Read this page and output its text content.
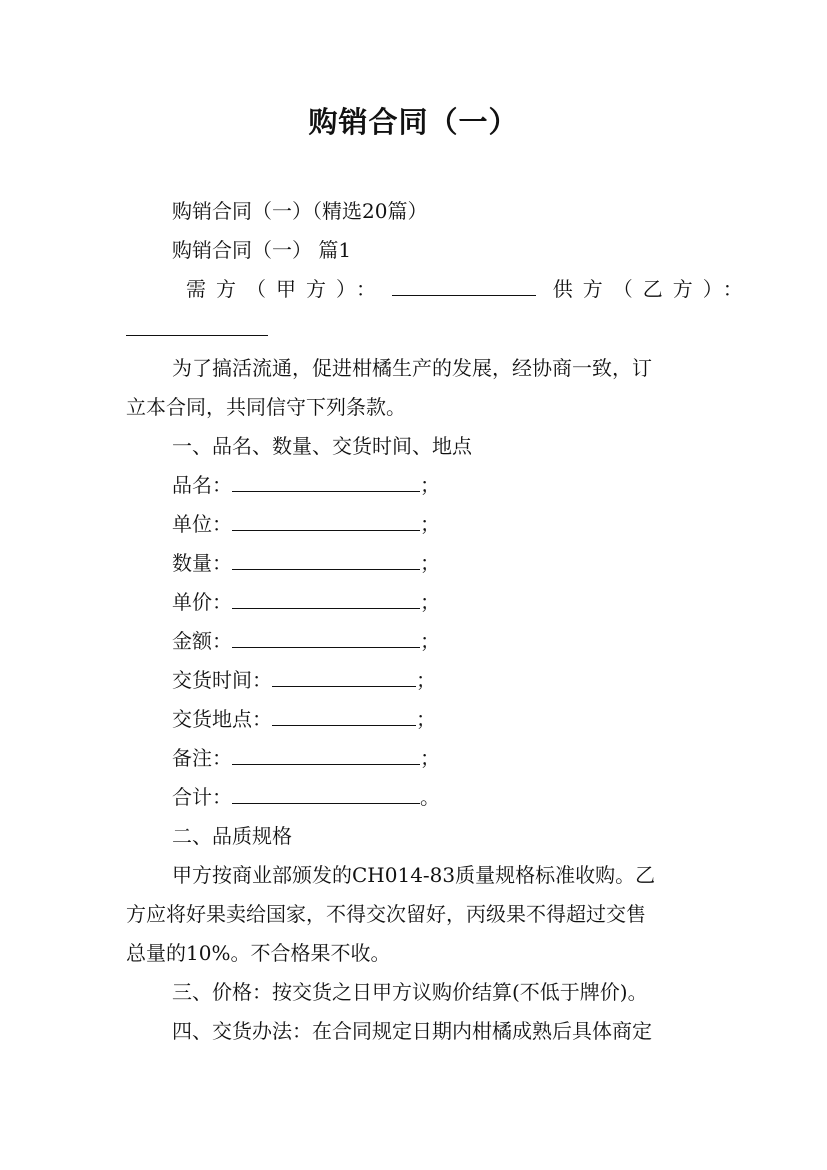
购销合同（一）
购销合同（一）（精选20篇）
购销合同（一） 篇1
需方（甲方）：	供方（乙方）：
为了搞活流通，促进柑橘生产的发展，经协商一致，订
立本合同，共同信守下列条款。
一、品名、数量、交货时间、地点
品名：	；
单位：	；
数量：	；
单价：	；
金额：	；
交货时间：	；
交货地点：	；
备注：	；
合计：	。
二、品质规格
甲方按商业部颁发的CH014-83质量规格标准收购。乙
方应将好果卖给国家，不得交次留好，丙级果不得超过交售
总量的10%。不合格果不收。
三、价格：按交货之日甲方议购价结算(不低于牌价)。
四、交货办法：在合同规定日期内柑橘成熟后具体商定
